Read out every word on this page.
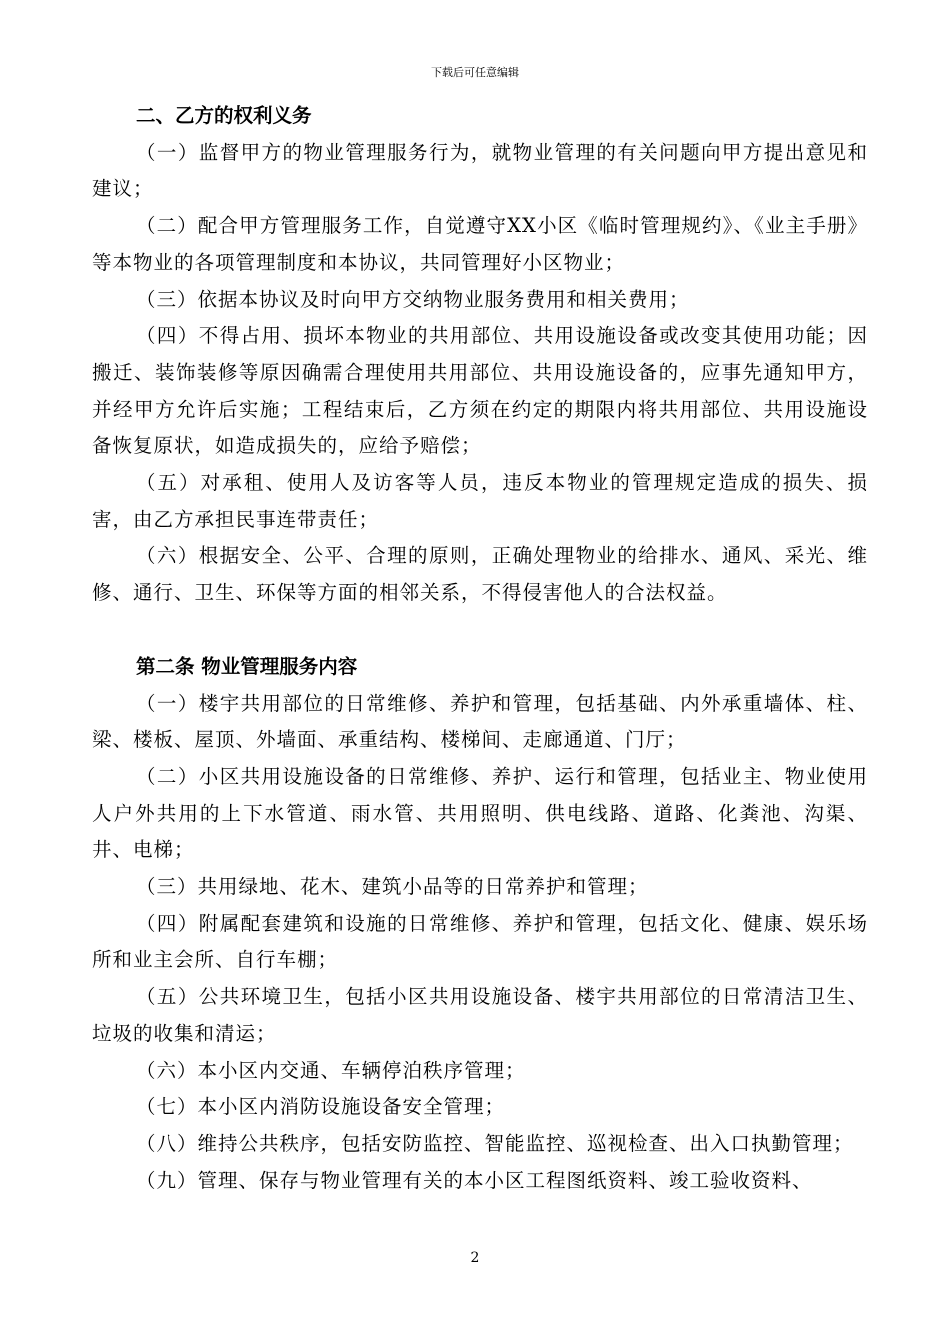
下载后可任意编辑

二、乙方的权利义务

（一）监督甲方的物业管理服务行为，就物业管理的有关问题向甲方提出意见和建议；

（二）配合甲方管理服务工作，自觉遵守XX小区《临时管理规约》、《业主手册》等本物业的各项管理制度和本协议，共同管理好小区物业；

（三）依据本协议及时向甲方交纳物业服务费用和相关费用；

（四）不得占用、损坏本物业的共用部位、共用设施设备或改变其使用功能；因搬迁、装饰装修等原因确需合理使用共用部位、共用设施设备的，应事先通知甲方，并经甲方允许后实施；工程结束后，乙方须在约定的期限内将共用部位、共用设施设备恢复原状，如造成损失的，应给予赔偿；

（五）对承租、使用人及访客等人员，违反本物业的管理规定造成的损失、损害，由乙方承担民事连带责任；

（六）根据安全、公平、合理的原则，正确处理物业的给排水、通风、采光、维修、通行、卫生、环保等方面的相邻关系，不得侵害他人的合法权益。

第二条 物业管理服务内容

（一）楼宇共用部位的日常维修、养护和管理，包括基础、内外承重墙体、柱、梁、楼板、屋顶、外墙面、承重结构、楼梯间、走廊通道、门厅；

（二）小区共用设施设备的日常维修、养护、运行和管理，包括业主、物业使用人户外共用的上下水管道、雨水管、共用照明、供电线路、道路、化粪池、沟渠、井、电梯；

（三）共用绿地、花木、建筑小品等的日常养护和管理；

（四）附属配套建筑和设施的日常维修、养护和管理，包括文化、健康、娱乐场所和业主会所、自行车棚；

（五）公共环境卫生，包括小区共用设施设备、楼宇共用部位的日常清洁卫生、垃圾的收集和清运；

（六）本小区内交通、车辆停泊秩序管理；

（七）本小区内消防设施设备安全管理；

（八）维持公共秩序，包括安防监控、智能监控、巡视检查、出入口执勤管理；

（九）管理、保存与物业管理有关的本小区工程图纸资料、竣工验收资料、

2
